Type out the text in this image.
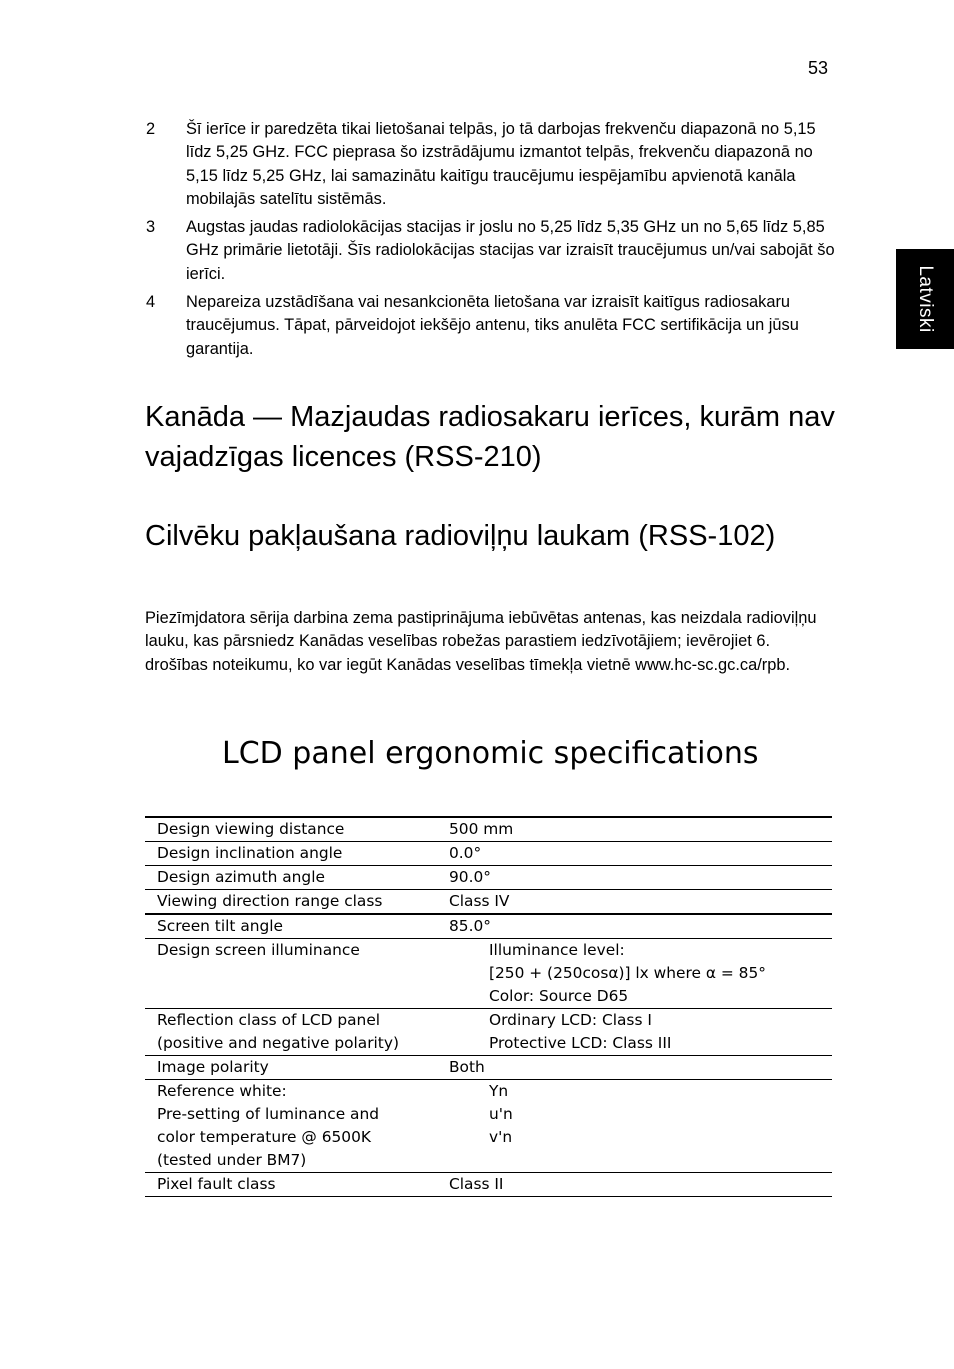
53
Latviski
2 Šī ierīce ir paredzēta tikai lietošanai telpās, jo tā darbojas frekvenču diapazonā no 5,15 līdz 5,25 GHz. FCC pieprasa šo izstrādājumu izmantot telpās, frekvenču diapazonā no 5,15 līdz 5,25 GHz, lai samazinātu kaitīgu traucējumu iespējamību apvienotā kanāla mobilajās satelītu sistēmās.
3 Augstas jaudas radiolokācijas stacijas ir joslu no 5,25 līdz 5,35 GHz un no 5,65 līdz 5,85 GHz primārie lietotāji. Šīs radiolokācijas stacijas var izraisīt traucējumus un/vai sabojāt šo ierīci.
4 Nepareiza uzstādīšana vai nesankcionēta lietošana var izraisīt kaitīgus radiosakaru traucējumus. Tāpat, pārveidojot iekšējo antenu, tiks anulēta FCC sertifikācija un jūsu garantija.
Kanāda — Mazjaudas radiosakaru ierīces, kurām nav vajadzīgas licences (RSS-210)
Cilvēku pakļaušana radioviļņu laukam (RSS-102)
Piezīmjdatora sērija darbina zema pastiprinājuma iebūvētas antenas, kas neizdala radioviļņu lauku, kas pārsniedz Kanādas veselības robežas parastiem iedzīvotājiem; ievērojiet 6. drošības noteikumu, ko var iegūt Kanādas veselības tīmekļa vietnē www.hc-sc.gc.ca/rpb.
LCD panel ergonomic specifications
Design viewing distance	500 mm

Design inclination angle	0.0°

Design azimuth angle	90.0°

Viewing direction range class	Class IV

Screen tilt angle	85.0°

Design screen illuminance	Illuminance level:
[250 + (250cosα)] lx where α = 85°
Color: Source D65

Reflection class of LCD panel
(positive and negative polarity)	Ordinary LCD: Class I
Protective LCD: Class III

Image polarity	Both

Reference white:
Pre-setting of luminance and
color temperature @ 6500K
(tested under BM7)	Yn
u'n
v'n

Pixel fault class	Class II
